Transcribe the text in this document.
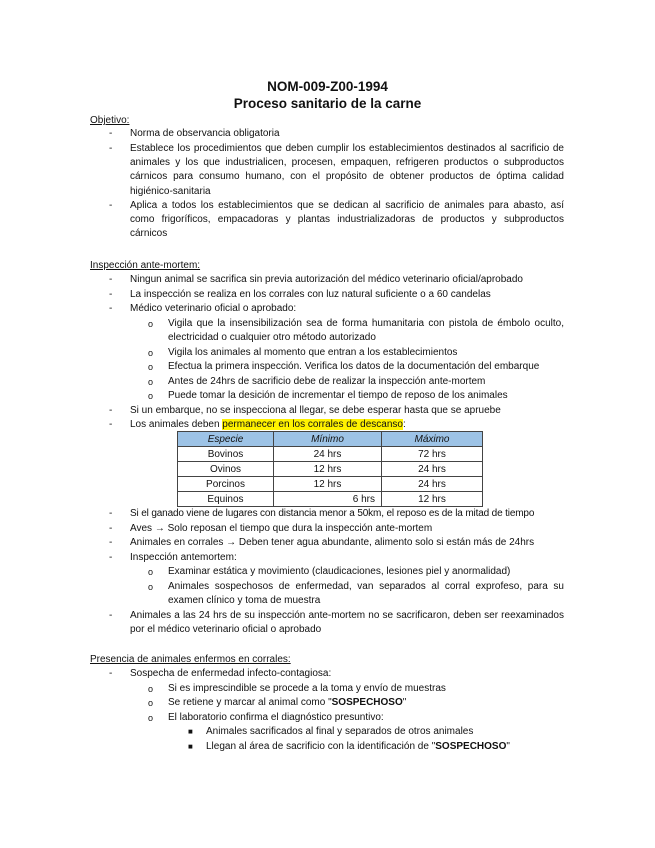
NOM-009-Z00-1994
Proceso sanitario de la carne
Objetivo:
- Norma de observancia obligatoria
- Establece los procedimientos que deben cumplir los establecimientos destinados al sacrificio de animales y los que industrialicen, procesen, empaquen, refrigeren productos o subproductos cárnicos para consumo humano, con el propósito de obtener productos de óptima calidad higiénico-sanitaria
- Aplica a todos los establecimientos que se dedican al sacrificio de animales para abasto, así como frigoríficos, empacadoras y plantas industrializadoras de productos y subproductos cárnicos
Inspección ante-mortem:
- Ningun animal se sacrifica sin previa autorización del médico veterinario oficial/aprobado
- La inspección se realiza en los corrales con luz natural suficiente o a 60 candelas
- Médico veterinario oficial o aprobado:
o Vigila que la insensibilización sea de forma humanitaria con pistola de émbolo oculto, electricidad o cualquier otro método autorizado
o Vigila los animales al momento que entran a los establecimientos
o Efectua la primera inspección. Verifica los datos de la documentación del embarque
o Antes de 24hrs de sacrificio debe de realizar la inspección ante-mortem
o Puede tomar la desición de incrementar el tiempo de reposo de los animales
- Si un embarque, no se inspecciona al llegar, se debe esperar hasta que se apruebe
- Los animales deben permanecer en los corrales de descanso:
Especie	Mínimo	Máximo
Bovinos	24 hrs	72 hrs
Ovinos	12 hrs	24 hrs
Porcinos	12 hrs	24 hrs
Equinos	6 hrs	12 hrs
- Si el ganado viene de lugares con distancia menor a 50km, el reposo es de la mitad de tiempo
- Aves → Solo reposan el tiempo que dura la inspección ante-mortem
- Animales en corrales → Deben tener agua abundante, alimento solo si están más de 24hrs
- Inspección antemortem:
o Examinar estática y movimiento (claudicaciones, lesiones piel y anormalidad)
o Animales sospechosos de enfermedad, van separados al corral exprofeso, para su examen clínico y toma de muestra
- Animales a las 24 hrs de su inspección ante-mortem no se sacrificaron, deben ser reexaminados por el médico veterinario oficial o aprobado
Presencia de animales enfermos en corrales:
- Sospecha de enfermedad infecto-contagiosa:
o Si es imprescindible se procede a la toma y envío de muestras
o Se retiene y marcar al animal como "SOSPECHOSO"
o El laboratorio confirma el diagnóstico presuntivo:
■ Animales sacrificados al final y separados de otros animales
■ Llegan al área de sacrificio con la identificación de "SOSPECHOSO"
